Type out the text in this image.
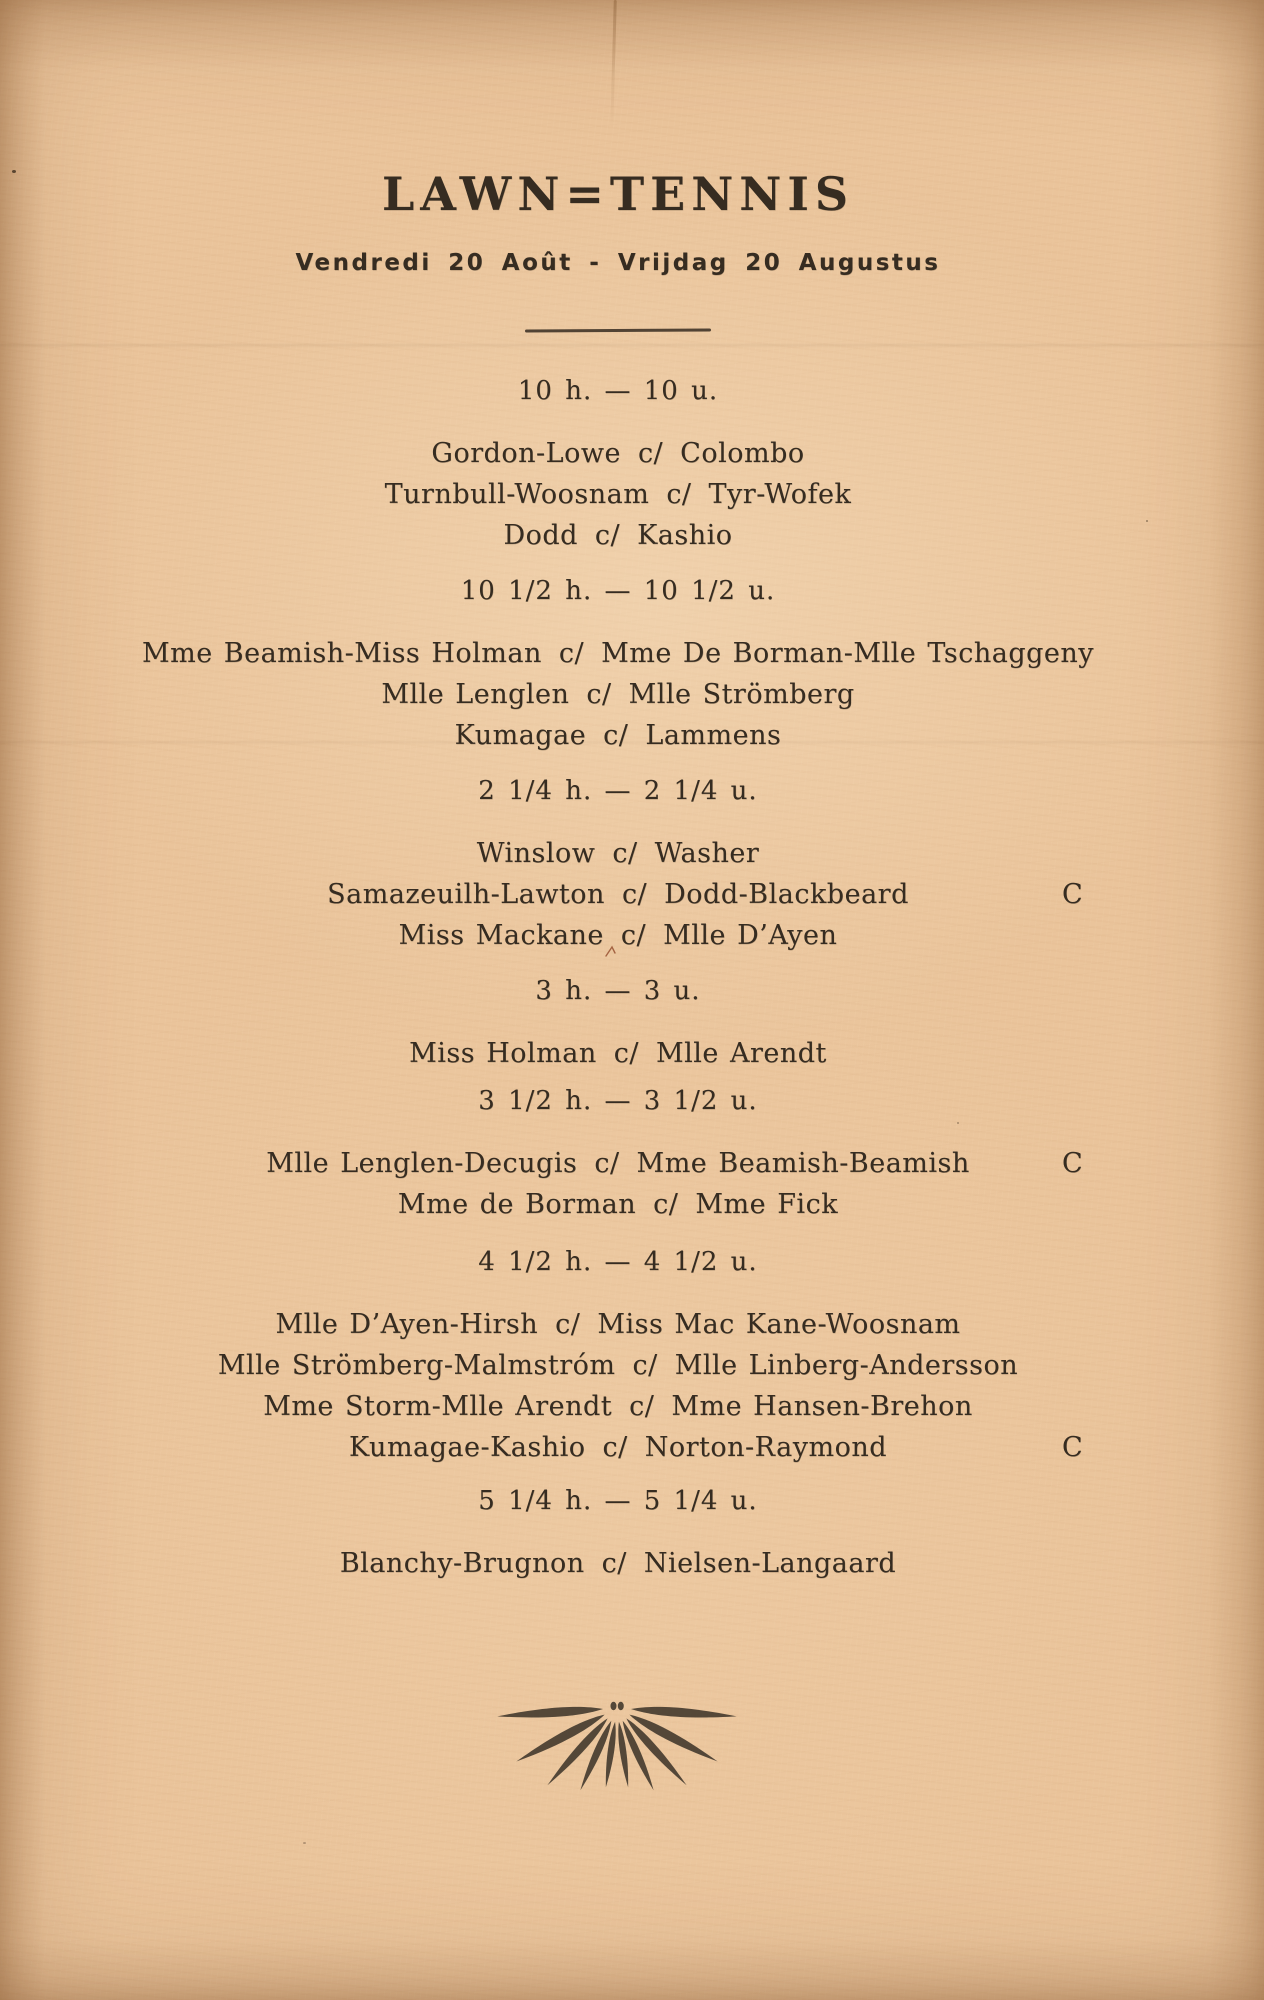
LAWN=TENNIS
Vendredi 20 Août - Vrijdag 20 Augustus
10 h. — 10 u.
Gordon-Lowe c/ Colombo
Turnbull-Woosnam c/ Tyr-Wofek
Dodd c/ Kashio
10 1/2 h. — 10 1/2 u.
Mme Beamish-Miss Holman c/ Mme De Borman-Mlle Tschaggeny
Mlle Lenglen c/ Mlle Strömberg
Kumagae c/ Lammens
2 1/4 h. — 2 1/4 u.
Winslow c/ Washer
Samazeuilh-Lawton c/ Dodd-Blackbeard	C
Miss Mackane c/ Mlle D’Ayen
3 h. — 3 u.
Miss Holman c/ Mlle Arendt
3 1/2 h. — 3 1/2 u.
Mlle Lenglen-Decugis c/ Mme Beamish-Beamish	C
Mme de Borman c/ Mme Fick
4 1/2 h. — 4 1/2 u.
Mlle D’Ayen-Hirsh c/ Miss Mac Kane-Woosnam
Mlle Strömberg-Malmstróm c/ Mlle Linberg-Andersson
Mme Storm-Mlle Arendt c/ Mme Hansen-Brehon
Kumagae-Kashio c/ Norton-Raymond	C
5 1/4 h. — 5 1/4 u.
Blanchy-Brugnon c/ Nielsen-Langaard
